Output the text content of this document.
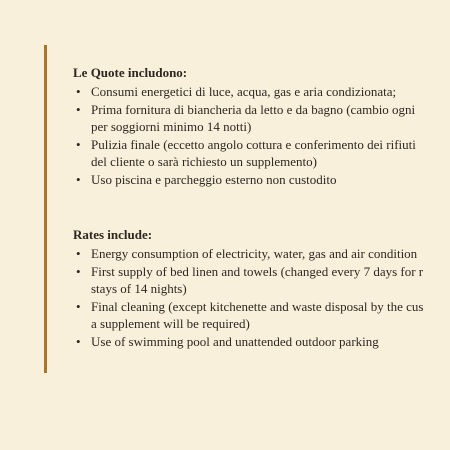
Le Quote includono:

• Consumi energetici di luce, acqua, gas e aria condizionata;
• Prima fornitura di biancheria da letto e da bagno (cambio ogni
per soggiorni minimo 14 notti)
• Pulizia finale (eccetto angolo cottura e conferimento dei rifiuti
del cliente o sarà richiesto un supplemento)
• Uso piscina e parcheggio esterno non custodito

Rates include:

• Energy consumption of electricity, water, gas and air condition
• First supply of bed linen and towels (changed every 7 days for r
stays of 14 nights)
• Final cleaning (except kitchenette and waste disposal by the cus
a supplement will be required)
• Use of swimming pool and unattended outdoor parking
